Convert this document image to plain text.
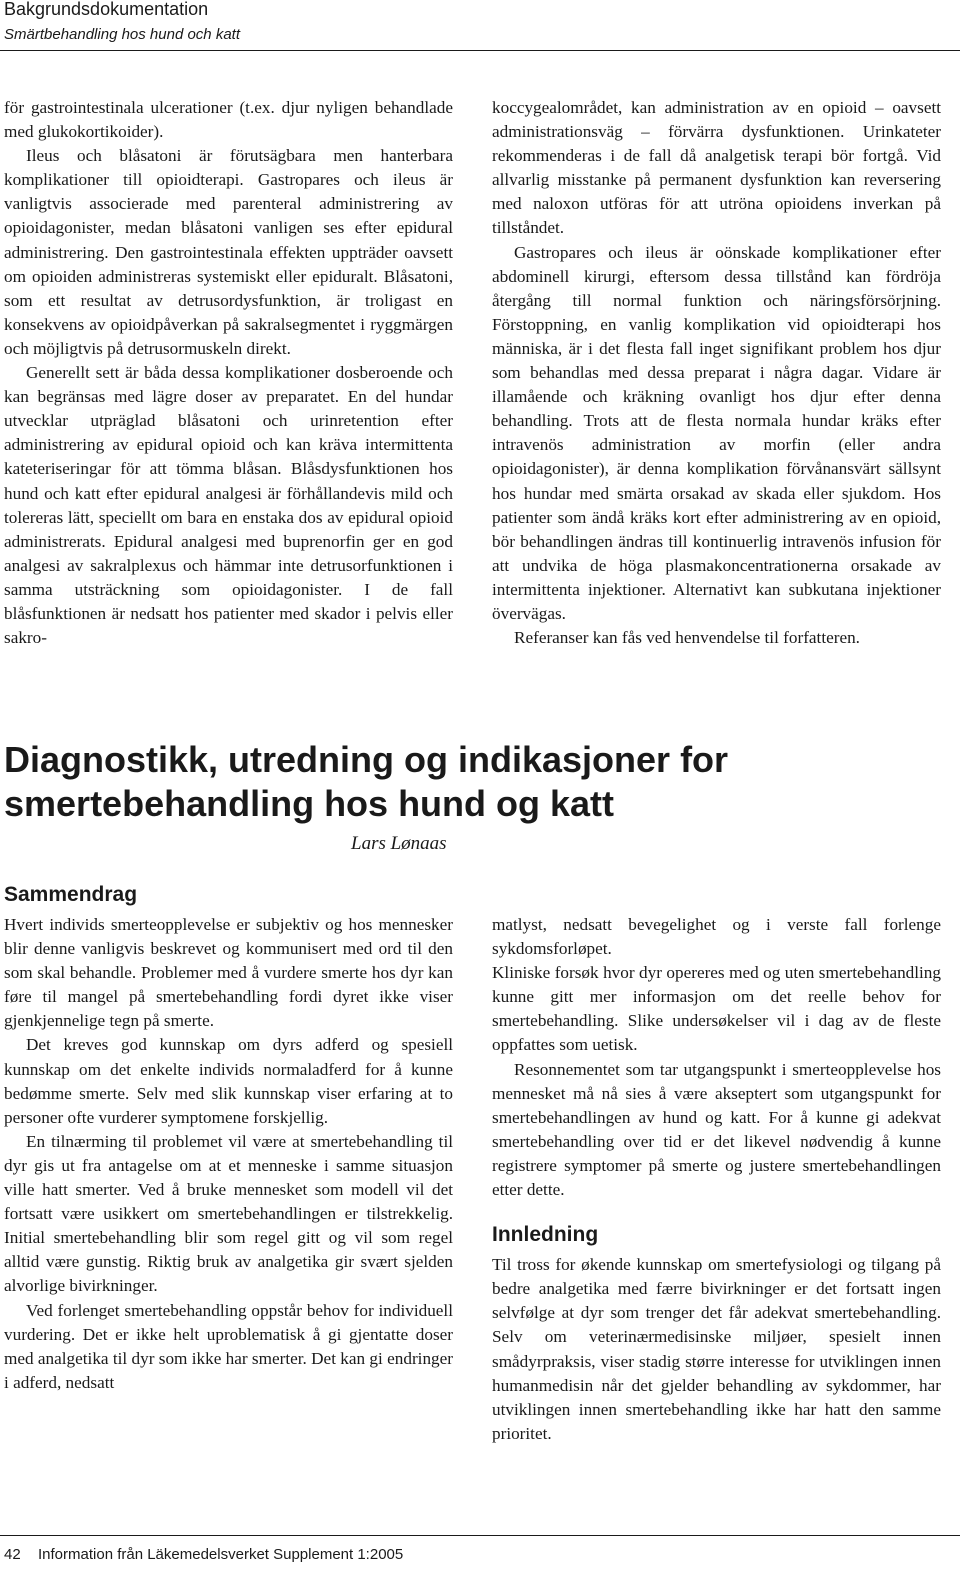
Bakgrundsdokumentation
Smärtbehandling hos hund och katt

för gastrointestinala ulcerationer (t.ex. djur nyligen behandlade med glukokortikoider).

Ileus och blåsatoni är förutsägbara men hanterbara komplikationer till opioidterapi. Gastropares och ileus är vanligtvis associerade med parenteral administrering av opioidagonister, medan blåsatoni vanligen ses efter epidural administrering. Den gastrointestinala effekten uppträder oavsett om opioiden administreras systemiskt eller epiduralt. Blåsatoni, som ett resultat av detrusordysfunktion, är troligast en konsekvens av opioidpåverkan på sakralsegmentet i ryggmärgen och möjligtvis på detrusormuskeln direkt.

Generellt sett är båda dessa komplikationer dosberoende och kan begränsas med lägre doser av preparatet. En del hundar utvecklar utpräglad blåsatoni och urinretention efter administrering av epidural opioid och kan kräva intermittenta kateteriseringar för att tömma blåsan. Blåsdysfunktionen hos hund och katt efter epidural analgesi är förhållandevis mild och tolereras lätt, speciellt om bara en enstaka dos av epidural opioid administrerats. Epidural analgesi med buprenorfin ger en god analgesi av sakralplexus och hämmar inte detrusorfunktionen i samma utsträckning som opioidagonister. I de fall blåsfunktionen är nedsatt hos patienter med skador i pelvis eller sakro-

koccygealområdet, kan administration av en opioid – oavsett administrationsväg – förvärra dysfunktionen. Urinkateter rekommenderas i de fall då analgetisk terapi bör fortgå. Vid allvarlig misstanke på permanent dysfunktion kan reversering med naloxon utföras för att utröna opioidens inverkan på tillståndet.

Gastropares och ileus är oönskade komplikationer efter abdominell kirurgi, eftersom dessa tillstånd kan fördröja återgång till normal funktion och näringsförsörjning. Förstoppning, en vanlig komplikation vid opioidterapi hos människa, är i det flesta fall inget signifikant problem hos djur som behandlas med dessa preparat i några dagar. Vidare är illamående och kräkning ovanligt hos djur efter denna behandling. Trots att de flesta normala hundar kräks efter intravenös administration av morfin (eller andra opioidagonister), är denna komplikation förvånansvärt sällsynt hos hundar med smärta orsakad av skada eller sjukdom. Hos patienter som ändå kräks kort efter administrering av en opioid, bör behandlingen ändras till kontinuerlig intravenös infusion för att undvika de höga plasmakoncentrationerna orsakade av intermittenta injektioner. Alternativt kan subkutana injektioner övervägas.

Referanser kan fås ved henvendelse til forfatteren.

Diagnostikk, utredning og indikasjoner for smertebehandling hos hund og katt
Lars Lønaas
Sammendrag

Hvert individs smerteopplevelse er subjektiv og hos mennesker blir denne vanligvis beskrevet og kommunisert med ord til den som skal behandle. Problemer med å vurdere smerte hos dyr kan føre til mangel på smertebehandling fordi dyret ikke viser gjenkjennelige tegn på smerte.

Det kreves god kunnskap om dyrs adferd og spesiell kunnskap om det enkelte individs normaladferd for å kunne bedømme smerte. Selv med slik kunnskap viser erfaring at to personer ofte vurderer symptomene forskjellig.

En tilnærming til problemet vil være at smertebehandling til dyr gis ut fra antagelse om at et menneske i samme situasjon ville hatt smerter. Ved å bruke mennesket som modell vil det fortsatt være usikkert om smertebehandlingen er tilstrekkelig. Initial smertebehandling blir som regel gitt og vil som regel alltid være gunstig. Riktig bruk av analgetika gir svært sjelden alvorlige bivirkninger.

Ved forlenget smertebehandling oppstår behov for individuell vurdering. Det er ikke helt uproblematisk å gi gjentatte doser med analgetika til dyr som ikke har smerter. Det kan gi endringer i adferd, nedsatt

matlyst, nedsatt bevegelighet og i verste fall forlenge sykdomsforløpet.

Kliniske forsøk hvor dyr opereres med og uten smertebehandling kunne gitt mer informasjon om det reelle behov for smertebehandling. Slike undersøkelser vil i dag av de fleste oppfattes som uetisk.

Resonnementet som tar utgangspunkt i smerteopplevelse hos mennesket må nå sies å være akseptert som utgangspunkt for smertebehandlingen av hund og katt. For å kunne gi adekvat smertebehandling over tid er det likevel nødvendig å kunne registrere symptomer på smerte og justere smertebehandlingen etter dette.

Innledning

Til tross for økende kunnskap om smertefysiologi og tilgang på bedre analgetika med færre bivirkninger er det fortsatt ingen selvfølge at dyr som trenger det får adekvat smertebehandling. Selv om veterinærmedisinske miljøer, spesielt innen smådyrpraksis, viser stadig større interesse for utviklingen innen humanmedisin når det gjelder behandling av sykdommer, har utviklingen innen smertebehandling ikke har hatt den samme prioritet.

42 Information från Läkemedelsverket Supplement 1:2005
